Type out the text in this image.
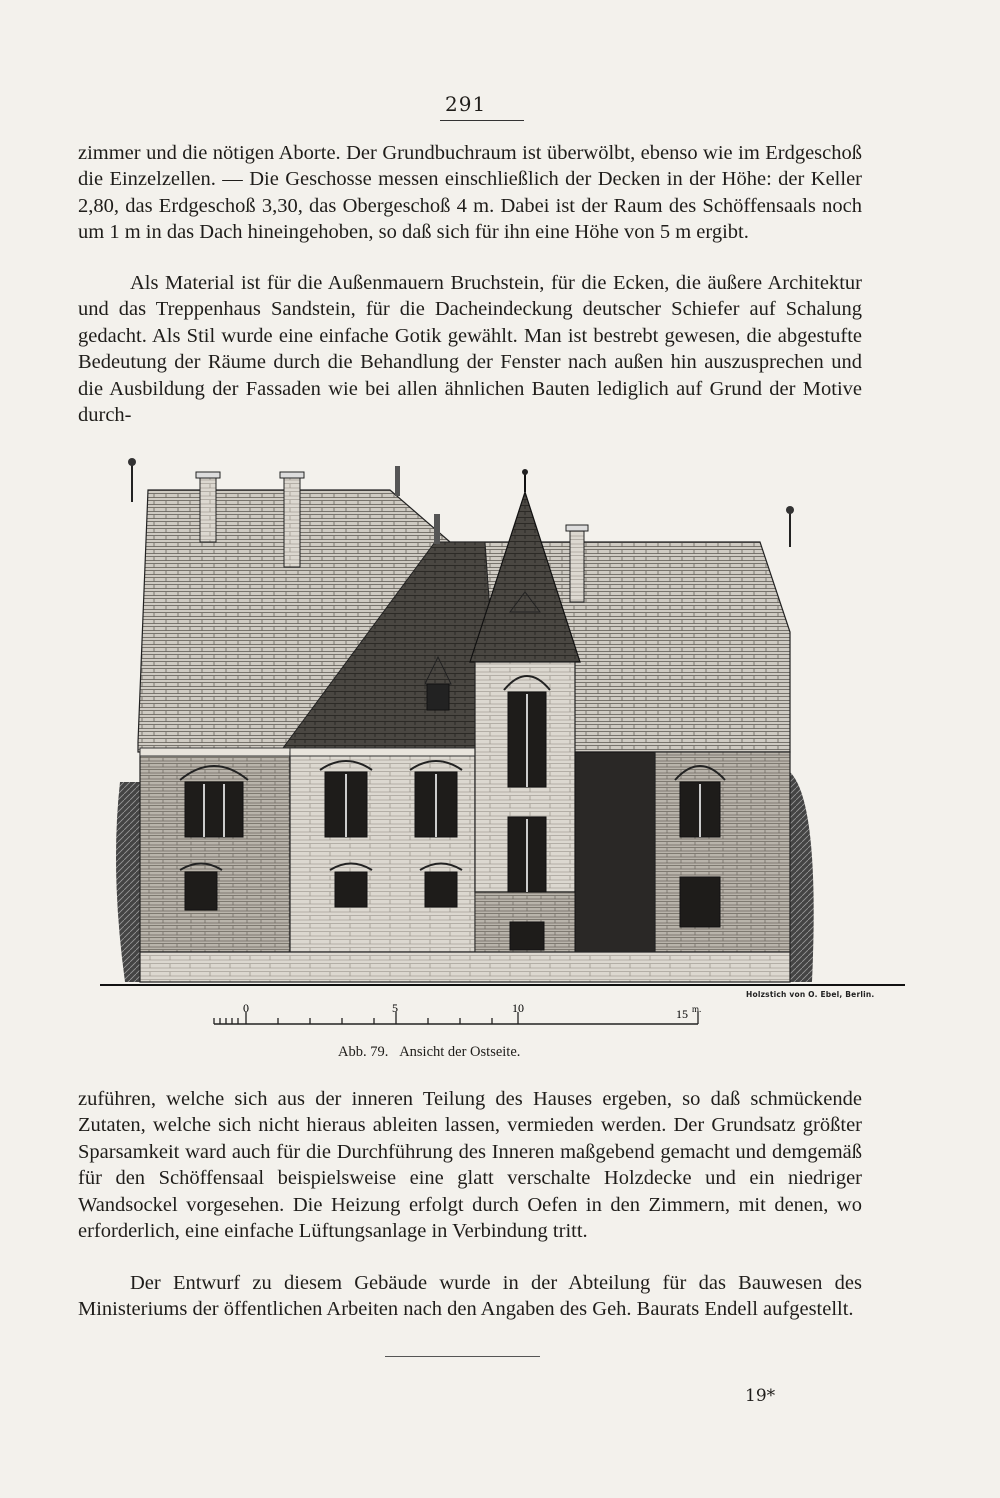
291

zimmer und die nötigen Aborte. Der Grundbuchraum ist überwölbt, ebenso wie im Erdgeschoß die Einzelzellen. — Die Geschosse messen einschließlich der Decken in der Höhe: der Keller 2,80, das Erdgeschoß 3,30, das Obergeschoß 4 m. Dabei ist der Raum des Schöffensaals noch um 1 m in das Dach hineingehoben, so daß sich für ihn eine Höhe von 5 m ergibt.

Als Material ist für die Außenmauern Bruchstein, für die Ecken, die äußere Architektur und das Treppenhaus Sandstein, für die Dacheindeckung deutscher Schiefer auf Schalung gedacht. Als Stil wurde eine einfache Gotik gewählt. Man ist bestrebt gewesen, die abgestufte Bedeutung der Räume durch die Behandlung der Fenster nach außen hin auszusprechen und die Ausbildung der Fassaden wie bei allen ähnlichen Bauten lediglich auf Grund der Motive durch-

Holzstich von O. Ebel, Berlin.
0	5	10	15 m.
Abb. 79. Ansicht der Ostseite.

zuführen, welche sich aus der inneren Teilung des Hauses ergeben, so daß schmückende Zutaten, welche sich nicht hieraus ableiten lassen, vermieden werden. Der Grundsatz größter Sparsamkeit ward auch für die Durchführung des Inneren maßgebend gemacht und demgemäß für den Schöffensaal beispielsweise eine glatt verschalte Holzdecke und ein niedriger Wandsockel vorgesehen. Die Heizung erfolgt durch Oefen in den Zimmern, mit denen, wo erforderlich, eine einfache Lüftungsanlage in Verbindung tritt.

Der Entwurf zu diesem Gebäude wurde in der Abteilung für das Bauwesen des Ministeriums der öffentlichen Arbeiten nach den Angaben des Geh. Baurats Endell aufgestellt.

19*
